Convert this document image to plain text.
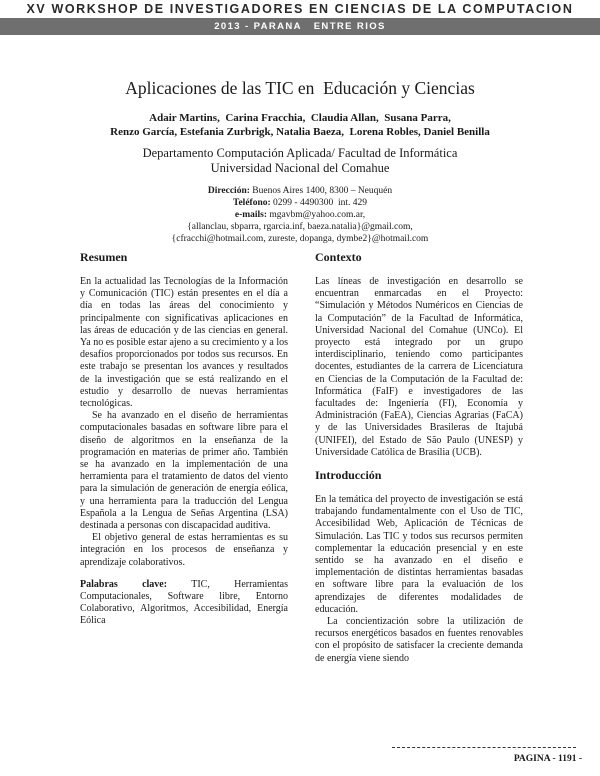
XV WORKSHOP DE INVESTIGADORES EN CIENCIAS DE LA COMPUTACION
2013 - PARANA   ENTRE RIOS
Aplicaciones de las TIC en  Educación y Ciencias
Adair Martins,  Carina Fracchia,  Claudia Allan,  Susana Parra,
Renzo García, Estefania Zurbrigk, Natalia Baeza,  Lorena Robles, Daniel Benilla
Departamento Computación Aplicada/ Facultad de Informática
Universidad Nacional del Comahue
Dirección: Buenos Aires 1400, 8300 – Neuquén
Teléfono: 0299 - 4490300  int. 429
e-mails: mgavbm@yahoo.com.ar,
{allanclau, sbparra, rgarcia.inf, baeza.natalia}@gmail.com,
{cfracchi@hotmail.com, zureste, dopanga, dymbe2}@hotmail.com
Resumen

En la actualidad las Tecnologías de la Información y Comunicación (TIC) están presentes en el día a día en todas las áreas del conocimiento y principalmente con significativas aplicaciones en las áreas de educación y de las ciencias en general. Ya no es posible estar ajeno a su crecimiento y a los desafíos proporcionados por todos sus recursos. En este trabajo se presentan los avances y resultados de la investigación que se está realizando en el estudio y desarrollo de nuevas herramientas tecnológicas.

Se ha avanzado en el diseño de herramientas computacionales basadas en software libre para el diseño de algoritmos en la enseñanza de la programación en materias de primer año. También se ha avanzado en la implementación de una herramienta para el tratamiento de datos del viento para la simulación de generación de energía eólica, y una herramienta para la traducción del Lengua Española a la Lengua de Señas Argentina (LSA) destinada a personas con discapacidad auditiva.

El objetivo general de estas herramientas es su integración en los procesos de enseñanza y aprendizaje colaborativos.

Palabras clave: TIC, Herramientas Computacionales, Software libre, Entorno Colaborativo, Algoritmos, Accesibilidad, Energía Eólica

Contexto

Las líneas de investigación en desarrollo se encuentran enmarcadas en el Proyecto: “Simulación y Métodos Numéricos en Ciencias de la Computación” de la Facultad de Informática, Universidad Nacional del Comahue (UNCo). El proyecto está integrado por un grupo interdisciplinario, teniendo como participantes docentes, estudiantes de la carrera de Licenciatura en Ciencias de la Computación de la Facultad de: Informática (FaIF) e investigadores de las facultades de: Ingeniería (FI), Economía y Administración (FaEA), Ciencias Agrarias (FaCA) y de las Universidades Brasileras de Itajubá (UNIFEI), del Estado de São Paulo (UNESP) y Universidade Católica de Brasília (UCB).

Introducción

En la temática del proyecto de investigación se está trabajando fundamentalmente con el Uso de TIC, Accesibilidad Web, Aplicación de Técnicas de Simulación. Las TIC y todos sus recursos permiten complementar la educación presencial y en este sentido se ha avanzado en el diseño e implementación de distintas herramientas basadas en software libre para la evaluación de los aprendizajes de diferentes modalidades de educación.

La concientización sobre la utilización de recursos energéticos basados en fuentes renovables con el propósito de satisfacer la creciente demanda de energía viene siendo

PAGINA - 1191 -
